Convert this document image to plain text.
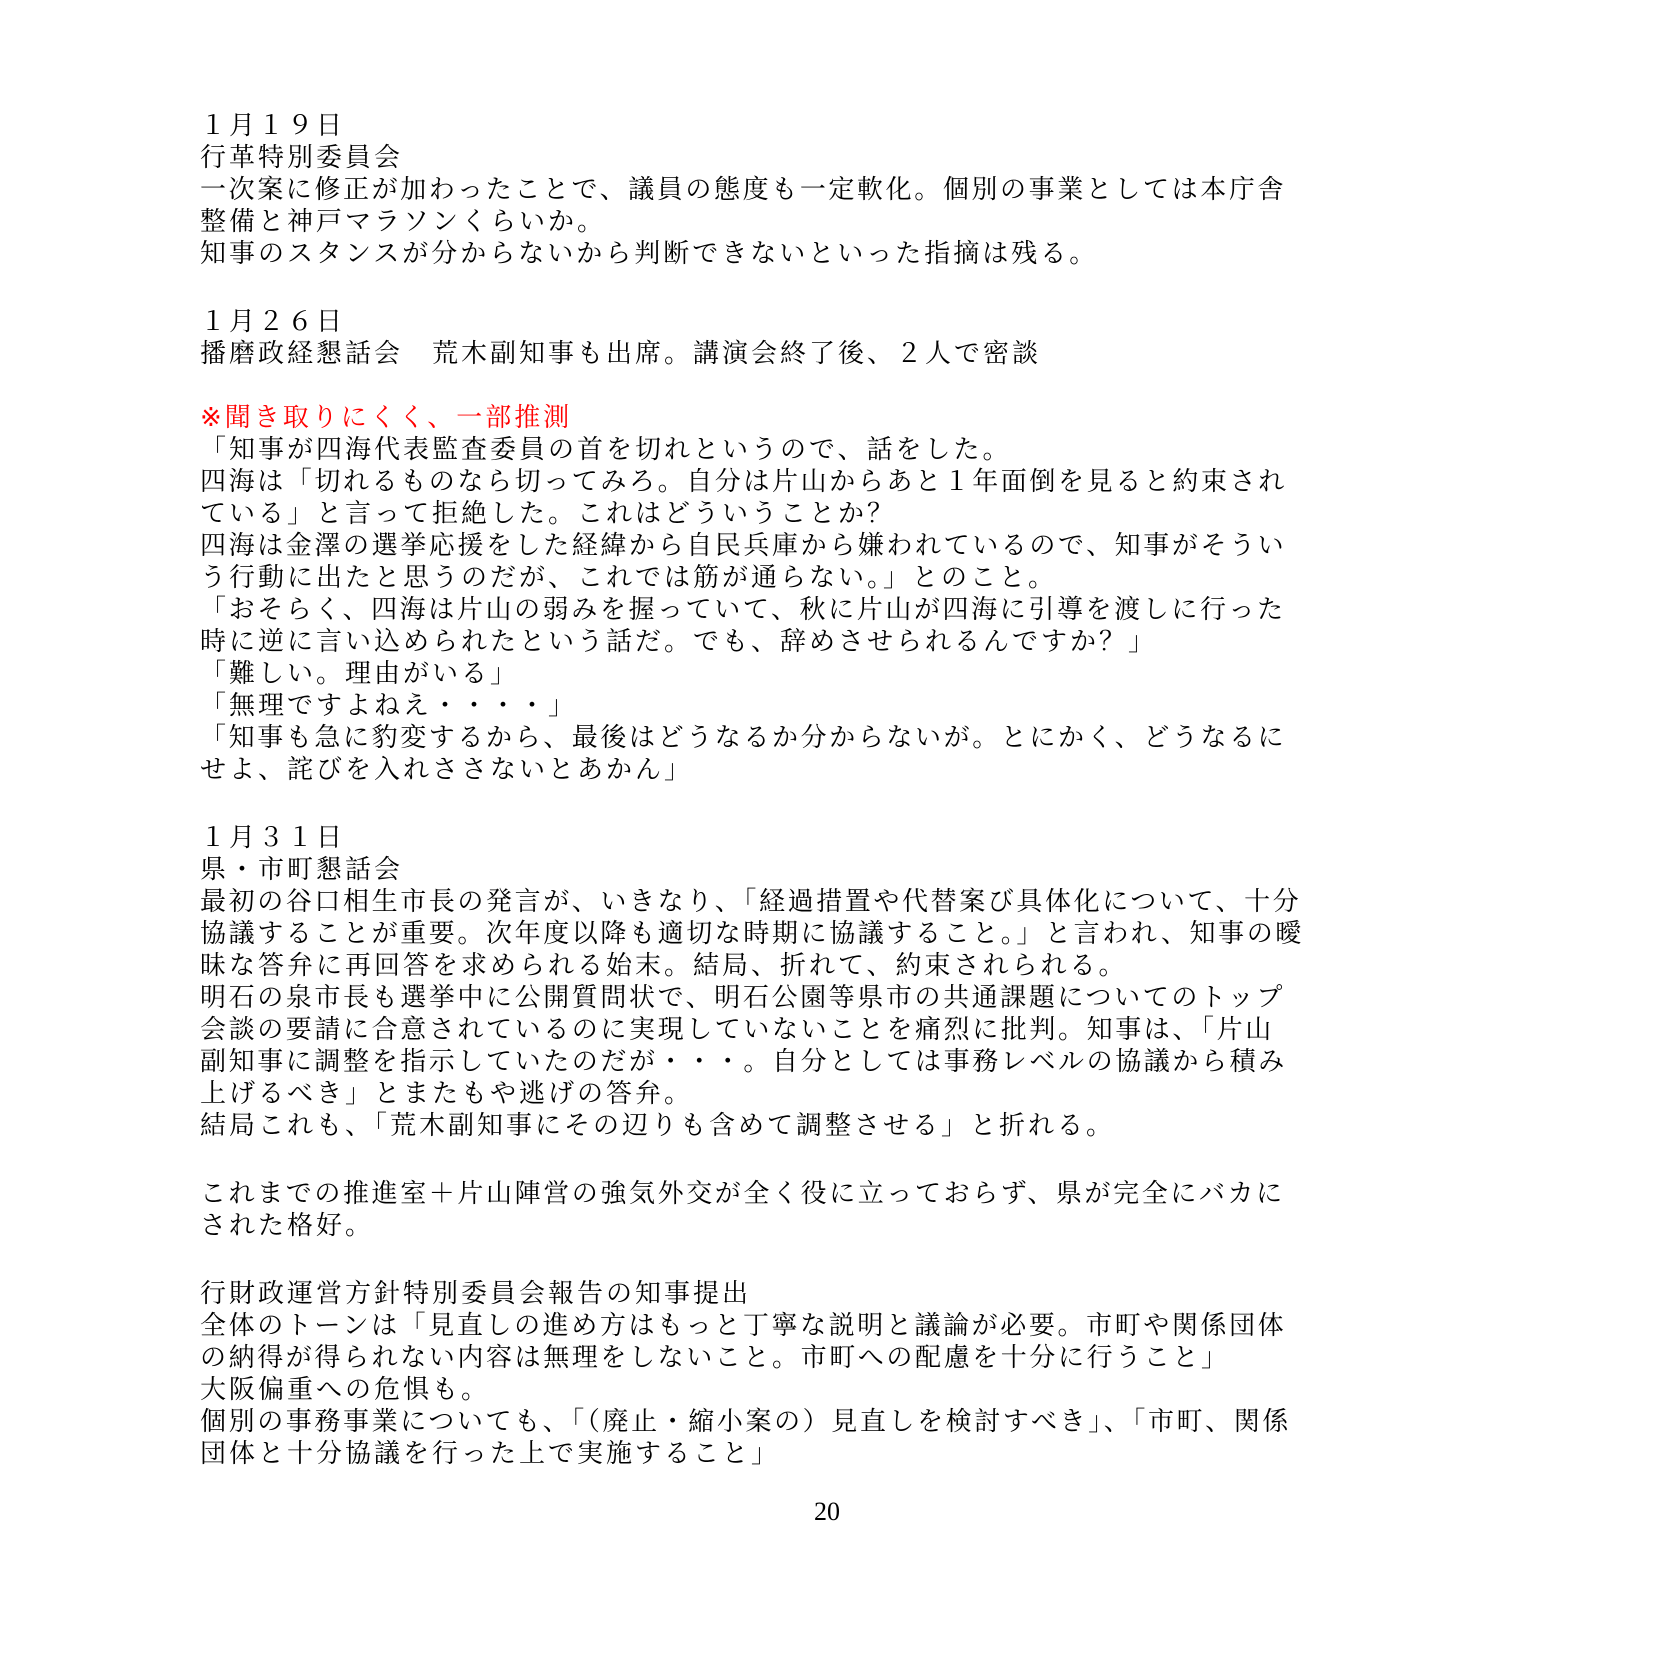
１月１９日
行革特別委員会
一次案に修正が加わったことで、議員の態度も一定軟化。個別の事業としては本庁舎
整備と神戸マラソンくらいか。
知事のスタンスが分からないから判断できないといった指摘は残る。
１月２６日
播磨政経懇話会　荒木副知事も出席。講演会終了後、２人で密談
※聞き取りにくく、一部推測
「知事が四海代表監査委員の首を切れというので、話をした。
四海は「切れるものなら切ってみろ。自分は片山からあと１年面倒を見ると約束され
ている」と言って拒絶した。これはどういうことか？
四海は金澤の選挙応援をした経緯から自民兵庫から嫌われているので、知事がそうい
う行動に出たと思うのだが、これでは筋が通らない。」とのこと。
「おそらく、四海は片山の弱みを握っていて、秋に片山が四海に引導を渡しに行った
時に逆に言い込められたという話だ。でも、辞めさせられるんですか？」
「難しい。理由がいる」
「無理ですよねえ・・・・」
「知事も急に豹変するから、最後はどうなるか分からないが。とにかく、どうなるに
せよ、詫びを入れささないとあかん」
１月３１日
県・市町懇話会
最初の谷口相生市長の発言が、いきなり、「経過措置や代替案び具体化について、十分
協議することが重要。次年度以降も適切な時期に協議すること。」と言われ、知事の曖
昧な答弁に再回答を求められる始末。結局、折れて、約束されられる。
明石の泉市長も選挙中に公開質問状で、明石公園等県市の共通課題についてのトップ
会談の要請に合意されているのに実現していないことを痛烈に批判。知事は、「片山
副知事に調整を指示していたのだが・・・。自分としては事務レベルの協議から積み
上げるべき」とまたもや逃げの答弁。
結局これも、「荒木副知事にその辺りも含めて調整させる」と折れる。
これまでの推進室＋片山陣営の強気外交が全く役に立っておらず、県が完全にバカに
された格好。
行財政運営方針特別委員会報告の知事提出
全体のトーンは「見直しの進め方はもっと丁寧な説明と議論が必要。市町や関係団体
の納得が得られない内容は無理をしないこと。市町への配慮を十分に行うこと」
大阪偏重への危惧も。
個別の事務事業についても、「（廃止・縮小案の）見直しを検討すべき」、「市町、関係
団体と十分協議を行った上で実施すること」
20
